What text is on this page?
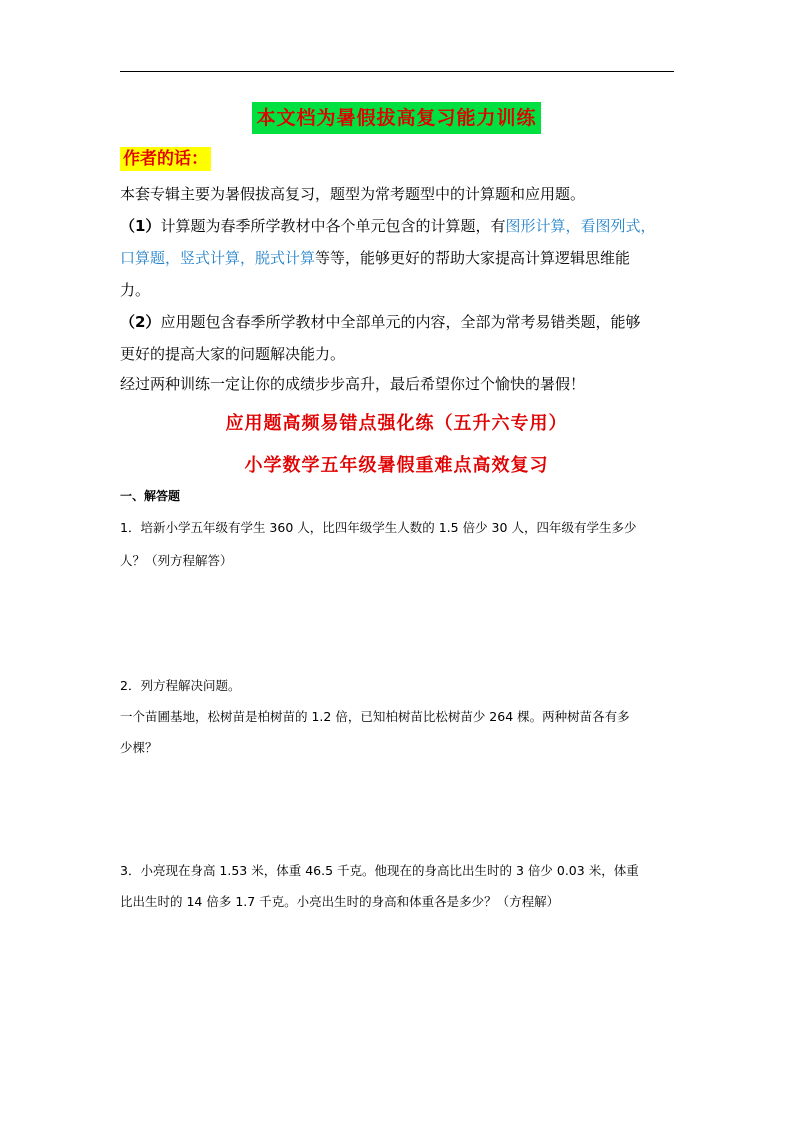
本文档为暑假拔高复习能力训练
作者的话：
本套专辑主要为暑假拔高复习，题型为常考题型中的计算题和应用题。
（1）计算题为春季所学教材中各个单元包含的计算题，有图形计算，看图列式，
口算题，竖式计算，脱式计算等等，能够更好的帮助大家提高计算逻辑思维能
力。
（2）应用题包含春季所学教材中全部单元的内容，全部为常考易错类题，能够
更好的提高大家的问题解决能力。
经过两种训练一定让你的成绩步步高升，最后希望你过个愉快的暑假！
应用题高频易错点强化练（五升六专用）
小学数学五年级暑假重难点高效复习
一、解答题
1．培新小学五年级有学生 360 人，比四年级学生人数的 1.5 倍少 30 人，四年级有学生多少
人？（列方程解答）
2．列方程解决问题。
一个苗圃基地，松树苗是柏树苗的 1.2 倍，已知柏树苗比松树苗少 264 棵。两种树苗各有多
少棵？
3．小亮现在身高 1.53 米，体重 46.5 千克。他现在的身高比出生时的 3 倍少 0.03 米，体重
比出生时的 14 倍多 1.7 千克。小亮出生时的身高和体重各是多少？（方程解）
